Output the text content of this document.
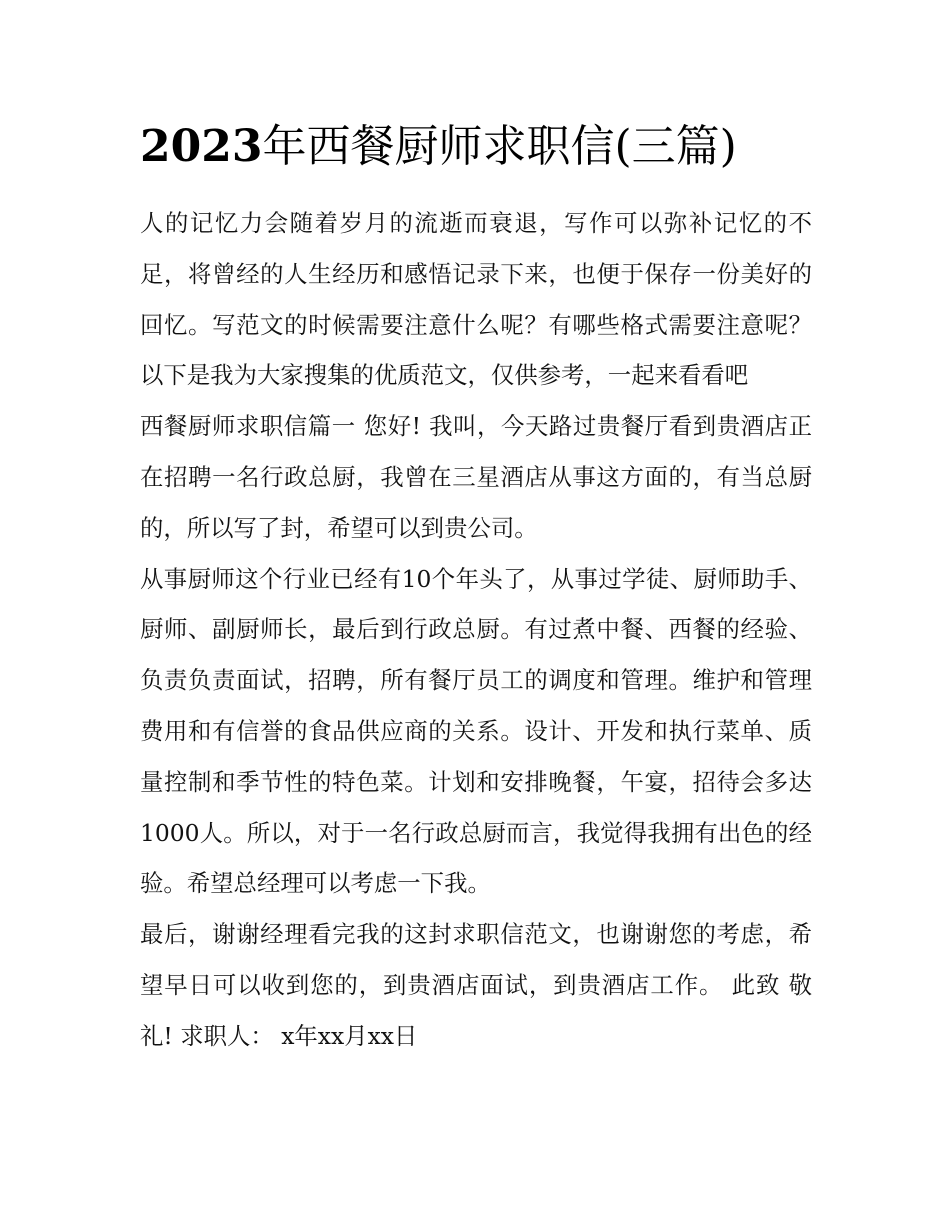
2023年西餐厨师求职信(三篇)

人的记忆力会随着岁月的流逝而衰退，写作可以弥补记忆的不足，将曾经的人生经历和感悟记录下来，也便于保存一份美好的回忆。写范文的时候需要注意什么呢？有哪些格式需要注意呢？以下是我为大家搜集的优质范文，仅供参考，一起来看看吧

西餐厨师求职信篇一 您好! 我叫，今天路过贵餐厅看到贵酒店正在招聘一名行政总厨，我曾在三星酒店从事这方面的，有当总厨的，所以写了封，希望可以到贵公司。

从事厨师这个行业已经有10个年头了，从事过学徒、厨师助手、厨师、副厨师长，最后到行政总厨。有过煮中餐、西餐的经验、负责负责面试，招聘，所有餐厅员工的调度和管理。维护和管理费用和有信誉的食品供应商的关系。设计、开发和执行菜单、质量控制和季节性的特色菜。计划和安排晚餐，午宴，招待会多达1000人。所以，对于一名行政总厨而言，我觉得我拥有出色的经验。希望总经理可以考虑一下我。

最后，谢谢经理看完我的这封求职信范文，也谢谢您的考虑，希望早日可以收到您的，到贵酒店面试，到贵酒店工作。 此致 敬礼! 求职人： x年xx月xx日
